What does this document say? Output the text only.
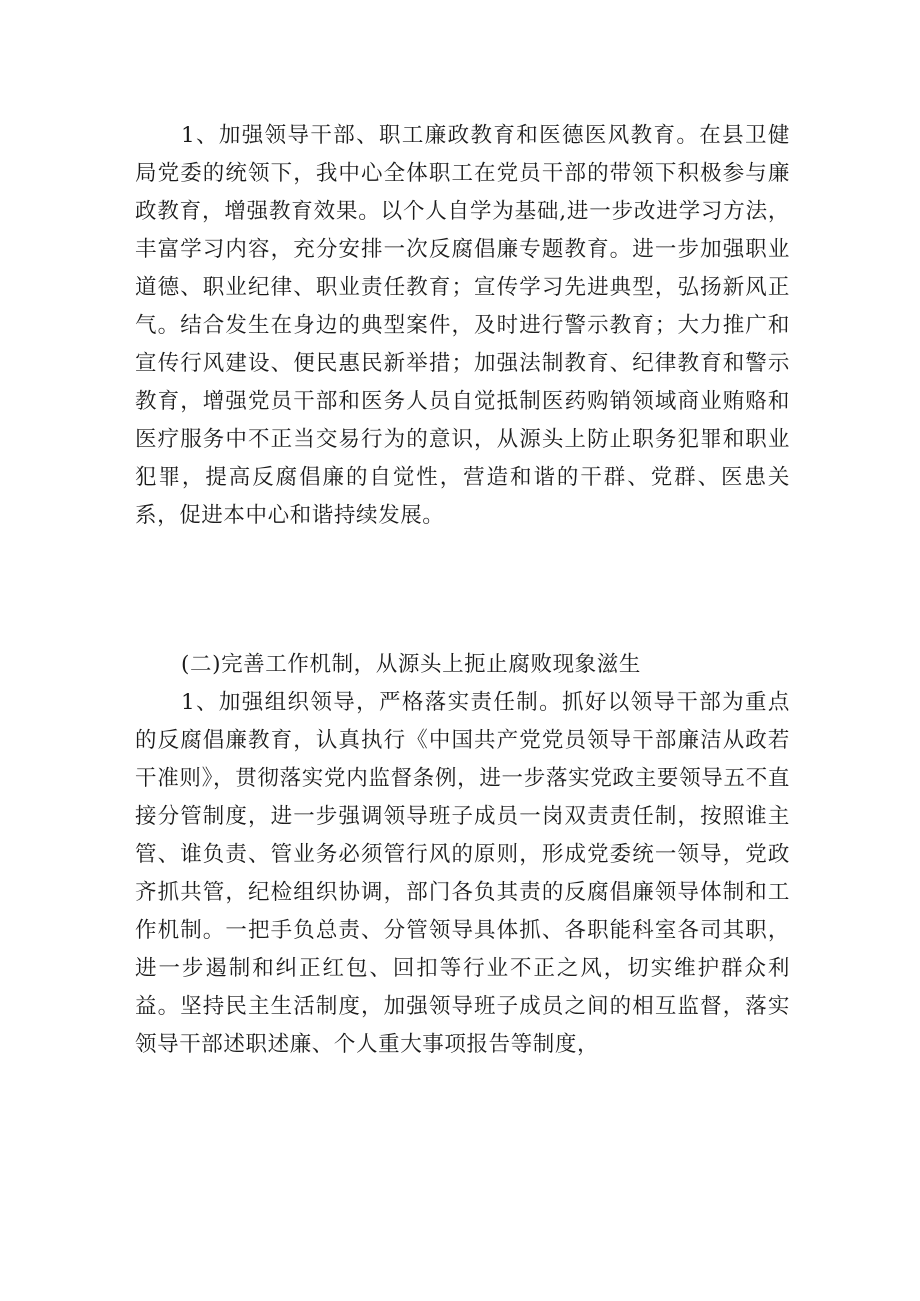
1、加强领导干部、职工廉政教育和医德医风教育。在县卫健局党委的统领下，我中心全体职工在党员干部的带领下积极参与廉政教育，增强教育效果。以个人自学为基础,进一步改进学习方法，丰富学习内容，充分安排一次反腐倡廉专题教育。进一步加强职业道德、职业纪律、职业责任教育；宣传学习先进典型，弘扬新风正气。结合发生在身边的典型案件，及时进行警示教育；大力推广和宣传行风建设、便民惠民新举措；加强法制教育、纪律教育和警示教育，增强党员干部和医务人员自觉抵制医药购销领域商业贿赂和医疗服务中不正当交易行为的意识，从源头上防止职务犯罪和职业犯罪，提高反腐倡廉的自觉性，营造和谐的干群、党群、医患关系，促进本中心和谐持续发展。

(二)完善工作机制，从源头上扼止腐败现象滋生

1、加强组织领导，严格落实责任制。抓好以领导干部为重点的反腐倡廉教育，认真执行《中国共产党党员领导干部廉洁从政若干准则》，贯彻落实党内监督条例，进一步落实党政主要领导五不直接分管制度，进一步强调领导班子成员一岗双责责任制，按照谁主管、谁负责、管业务必须管行风的原则，形成党委统一领导，党政齐抓共管，纪检组织协调，部门各负其责的反腐倡廉领导体制和工作机制。一把手负总责、分管领导具体抓、各职能科室各司其职，进一步遏制和纠正红包、回扣等行业不正之风，切实维护群众利益。坚持民主生活制度，加强领导班子成员之间的相互监督，落实领导干部述职述廉、个人重大事项报告等制度，
